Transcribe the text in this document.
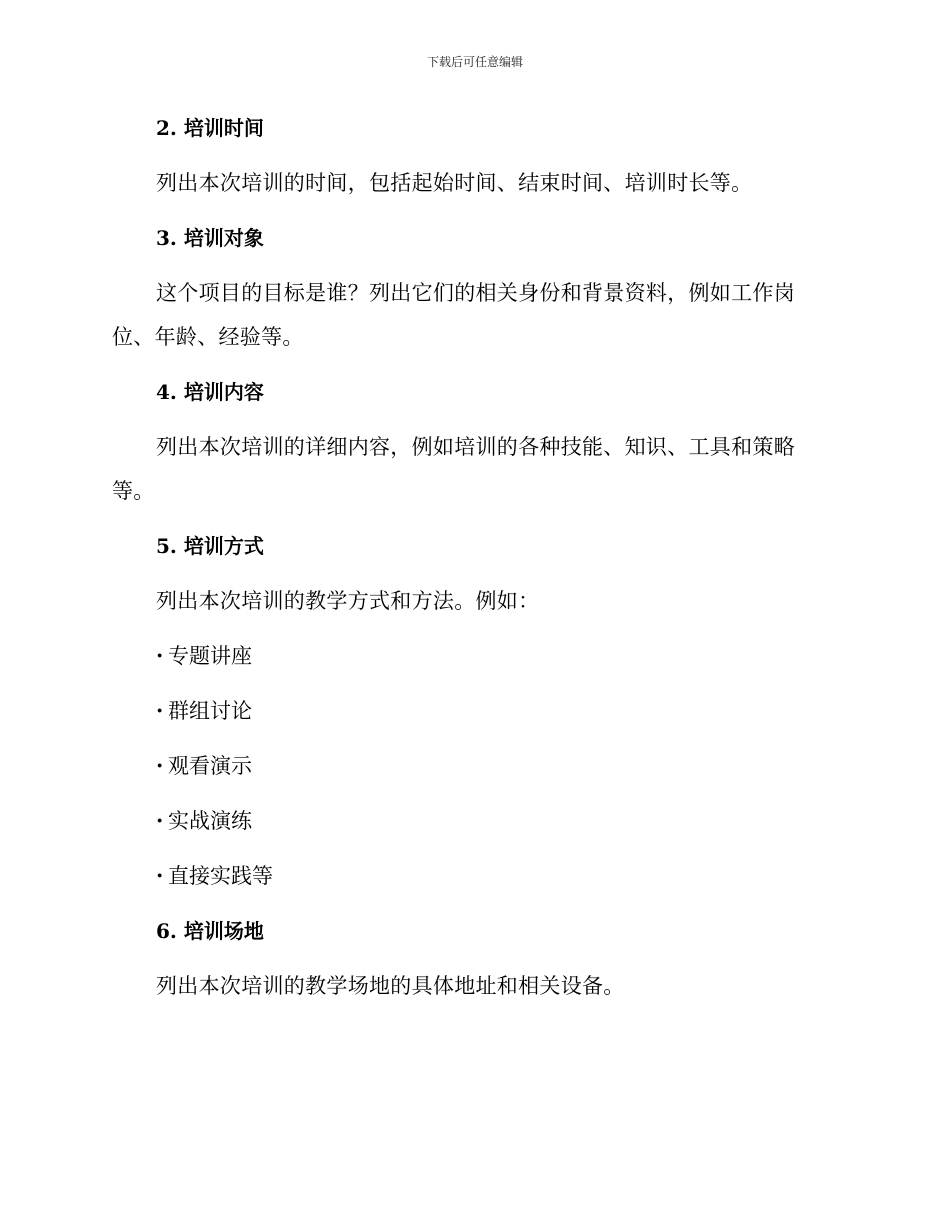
下载后可任意编辑
2. 培训时间

列出本次培训的时间，包括起始时间、结束时间、培训时长等。

3. 培训对象

这个项目的目标是谁？列出它们的相关身份和背景资料，例如工作岗位、年龄、经验等。

4. 培训内容

列出本次培训的详细内容，例如培训的各种技能、知识、工具和策略等。

5. 培训方式

列出本次培训的教学方式和方法。例如：

· 专题讲座
· 群组讨论
· 观看演示
· 实战演练
· 直接实践等
6. 培训场地

列出本次培训的教学场地的具体地址和相关设备。
